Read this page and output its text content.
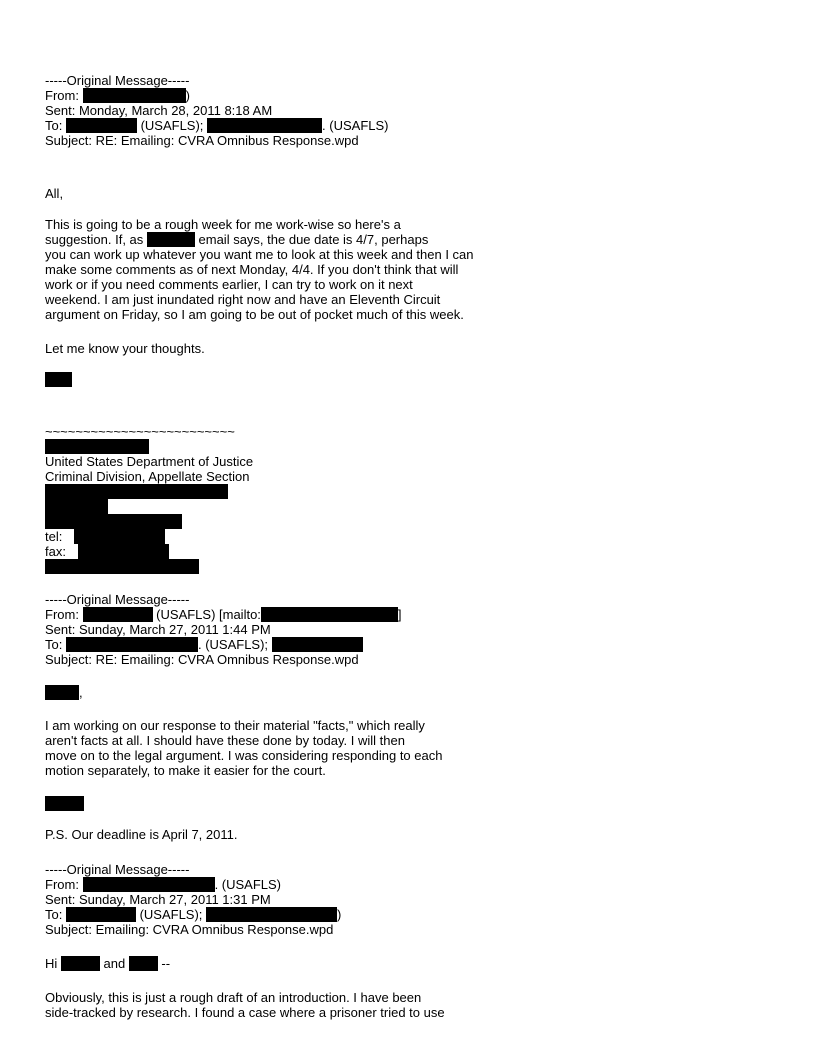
-----Original Message-----
From:	)
Sent: Monday, March 28, 2011 8:18 AM
To:	(USAFLS);	. (USAFLS)
Subject: RE: Emailing: CVRA Omnibus Response.wpd
All,
This is going to be a rough week for me work-wise so here's a
suggestion. If, as	email says, the due date is 4/7, perhaps
you can work up whatever you want me to look at this week and then I can
make some comments as of next Monday, 4/4. If you don't think that will
work or if you need comments earlier, I can try to work on it next
weekend. I am just inundated right now and have an Eleventh Circuit
argument on Friday, so I am going to be out of pocket much of this week.
Let me know your thoughts.
~~~~~~~~~~~~~~~~~~~~~~~~~
United States Department of Justice
Criminal Division, Appellate Section
tel:
fax:
-----Original Message-----
From:	(USAFLS) [mailto:	]
Sent: Sunday, March 27, 2011 1:44 PM
To:	. (USAFLS);
Subject: RE: Emailing: CVRA Omnibus Response.wpd
,
I am working on our response to their material "facts," which really
aren't facts at all. I should have these done by today. I will then
move on to the legal argument. I was considering responding to each
motion separately, to make it easier for the court.
P.S. Our deadline is April 7, 2011.
-----Original Message-----
From:	. (USAFLS)
Sent: Sunday, March 27, 2011 1:31 PM
To:	(USAFLS);	)
Subject: Emailing: CVRA Omnibus Response.wpd
Hi	and  --
Obviously, this is just a rough draft of an introduction. I have been
side-tracked by research. I found a case where a prisoner tried to use
